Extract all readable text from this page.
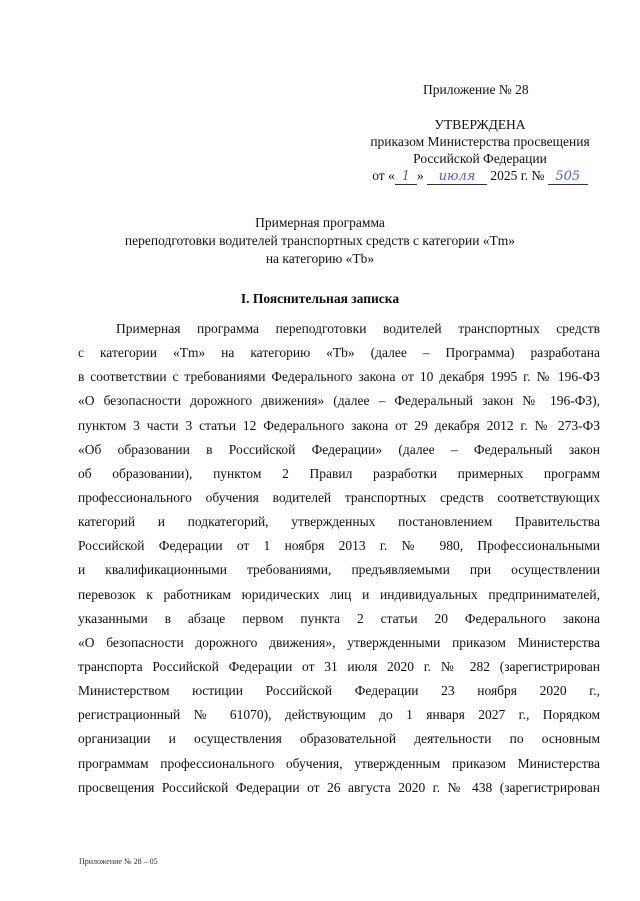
Приложение № 28
УТВЕРЖДЕНА
приказом Министерства просвещения
Российской Федерации
от « 1 » июля 2025 г. № 505
Примерная программа
переподготовки водителей транспортных средств с категории «Tm»
на категорию «Tb»
I. Пояснительная записка
Примерная программа переподготовки водителей транспортных средств
с категории «Tm» на категорию «Tb» (далее – Программа) разработана
в соответствии с требованиями Федерального закона от 10 декабря 1995 г. № 196-ФЗ
«О безопасности дорожного движения» (далее – Федеральный закон № 196-ФЗ),
пунктом 3 части 3 статьи 12 Федерального закона от 29 декабря 2012 г. № 273-ФЗ
«Об образовании в Российской Федерации» (далее – Федеральный закон
об образовании), пунктом 2 Правил разработки примерных программ
профессионального обучения водителей транспортных средств соответствующих
категорий и подкатегорий, утвержденных постановлением Правительства
Российской Федерации от 1 ноября 2013 г. № 980, Профессиональными
и квалификационными требованиями, предъявляемыми при осуществлении
перевозок к работникам юридических лиц и индивидуальных предпринимателей,
указанными в абзаце первом пункта 2 статьи 20 Федерального закона
«О безопасности дорожного движения», утвержденными приказом Министерства
транспорта Российской Федерации от 31 июля 2020 г. № 282 (зарегистрирован
Министерством юстиции Российской Федерации 23 ноября 2020 г.,
регистрационный № 61070), действующим до 1 января 2027 г., Порядком
организации и осуществления образовательной деятельности по основным
программам профессионального обучения, утвержденным приказом Министерства
просвещения Российской Федерации от 26 августа 2020 г. № 438 (зарегистрирован
Приложение № 28 – 05
